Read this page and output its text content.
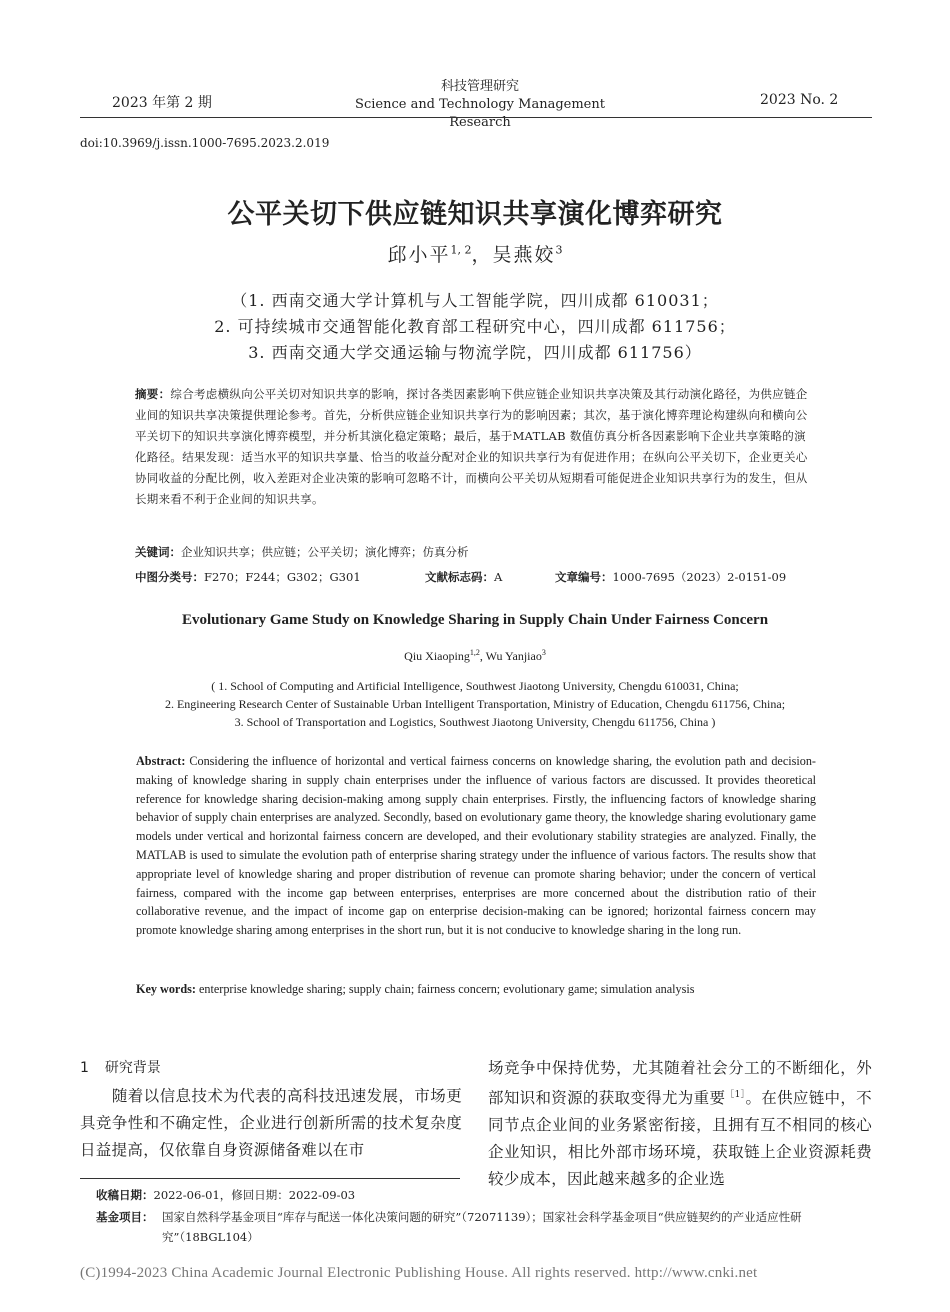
2023 年第 2 期
科技管理研究
Science and Technology Management Research
2023 No. 2
doi:10.3969/j.issn.1000-7695.2023.2.019
公平关切下供应链知识共享演化博弈研究
邱小平$^{1, 2}$，吴燕姣$^3$
（1. 西南交通大学计算机与人工智能学院，四川成都 610031；
2. 可持续城市交通智能化教育部工程研究中心，四川成都 611756；
3. 西南交通大学交通运输与物流学院，四川成都 611756）
摘要：综合考虑横纵向公平关切对知识共享的影响，探讨各类因素影响下供应链企业知识共享决策及其行动演化路径，为供应链企业间的知识共享决策提供理论参考。首先，分析供应链企业知识共享行为的影响因素；其次，基于演化博弈理论构建纵向和横向公平关切下的知识共享演化博弈模型，并分析其演化稳定策略；最后，基于MATLAB 数值仿真分析各因素影响下企业共享策略的演化路径。结果发现：适当水平的知识共享量、恰当的收益分配对企业的知识共享行为有促进作用；在纵向公平关切下，企业更关心协同收益的分配比例，收入差距对企业决策的影响可忽略不计，而横向公平关切从短期看可能促进企业知识共享行为的发生，但从长期来看不利于企业间的知识共享。
关键词：企业知识共享；供应链；公平关切；演化博弈；仿真分析
中图分类号：F270；F244；G302；G301	文献标志码：A	文章编号：1000-7695（2023）2-0151-09
Evolutionary Game Study on Knowledge Sharing in Supply Chain Under Fairness Concern
Qiu Xiaoping$^{1,2}$, Wu Yanjiao$^3$
( 1. School of Computing and Artificial Intelligence, Southwest Jiaotong University, Chengdu 610031, China;
2. Engineering Research Center of Sustainable Urban Intelligent Transportation, Ministry of Education, Chengdu 611756, China;
3. School of Transportation and Logistics, Southwest Jiaotong University, Chengdu 611756, China )
Abstract: Considering the influence of horizontal and vertical fairness concerns on knowledge sharing, the evolution path and decision-making of knowledge sharing in supply chain enterprises under the influence of various factors are discussed. It provides theoretical reference for knowledge sharing decision-making among supply chain enterprises. Firstly, the influencing factors of knowledge sharing behavior of supply chain enterprises are analyzed. Secondly, based on evolutionary game theory, the knowledge sharing evolutionary game models under vertical and horizontal fairness concern are developed, and their evolutionary stability strategies are analyzed. Finally, the MATLAB is used to simulate the evolution path of enterprise sharing strategy under the influence of various factors. The results show that appropriate level of knowledge sharing and proper distribution of revenue can promote sharing behavior; under the concern of vertical fairness, compared with the income gap between enterprises, enterprises are more concerned about the distribution ratio of their collaborative revenue, and the impact of income gap on enterprise decision-making can be ignored; horizontal fairness concern may promote knowledge sharing among enterprises in the short run, but it is not conducive to knowledge sharing in the long run.
Key words: enterprise knowledge sharing; supply chain; fairness concern; evolutionary game; simulation analysis
1 研究背景
　　随着以信息技术为代表的高科技迅速发展，市场更具竞争性和不确定性，企业进行创新所需的技术复杂度日益提高，仅依靠自身资源储备难以在市
场竞争中保持优势，尤其随着社会分工的不断细化，外部知识和资源的获取变得尤为重要$^{[1]}$。在供应链中，不同节点企业间的业务紧密衔接，且拥有互不相同的核心企业知识，相比外部市场环境，获取链上企业资源耗费较少成本，因此越来越多的企业选
收稿日期：2022-06-01，修回日期：2022-09-03
基金项目： 国家自然科学基金项目“库存与配送一体化决策问题的研究”（72071139）；国家社会科学基金项目“供应链契约的产业适应性研究”（18BGL104）
(C)1994-2023 China Academic Journal Electronic Publishing House. All rights reserved. http://www.cnki.net
